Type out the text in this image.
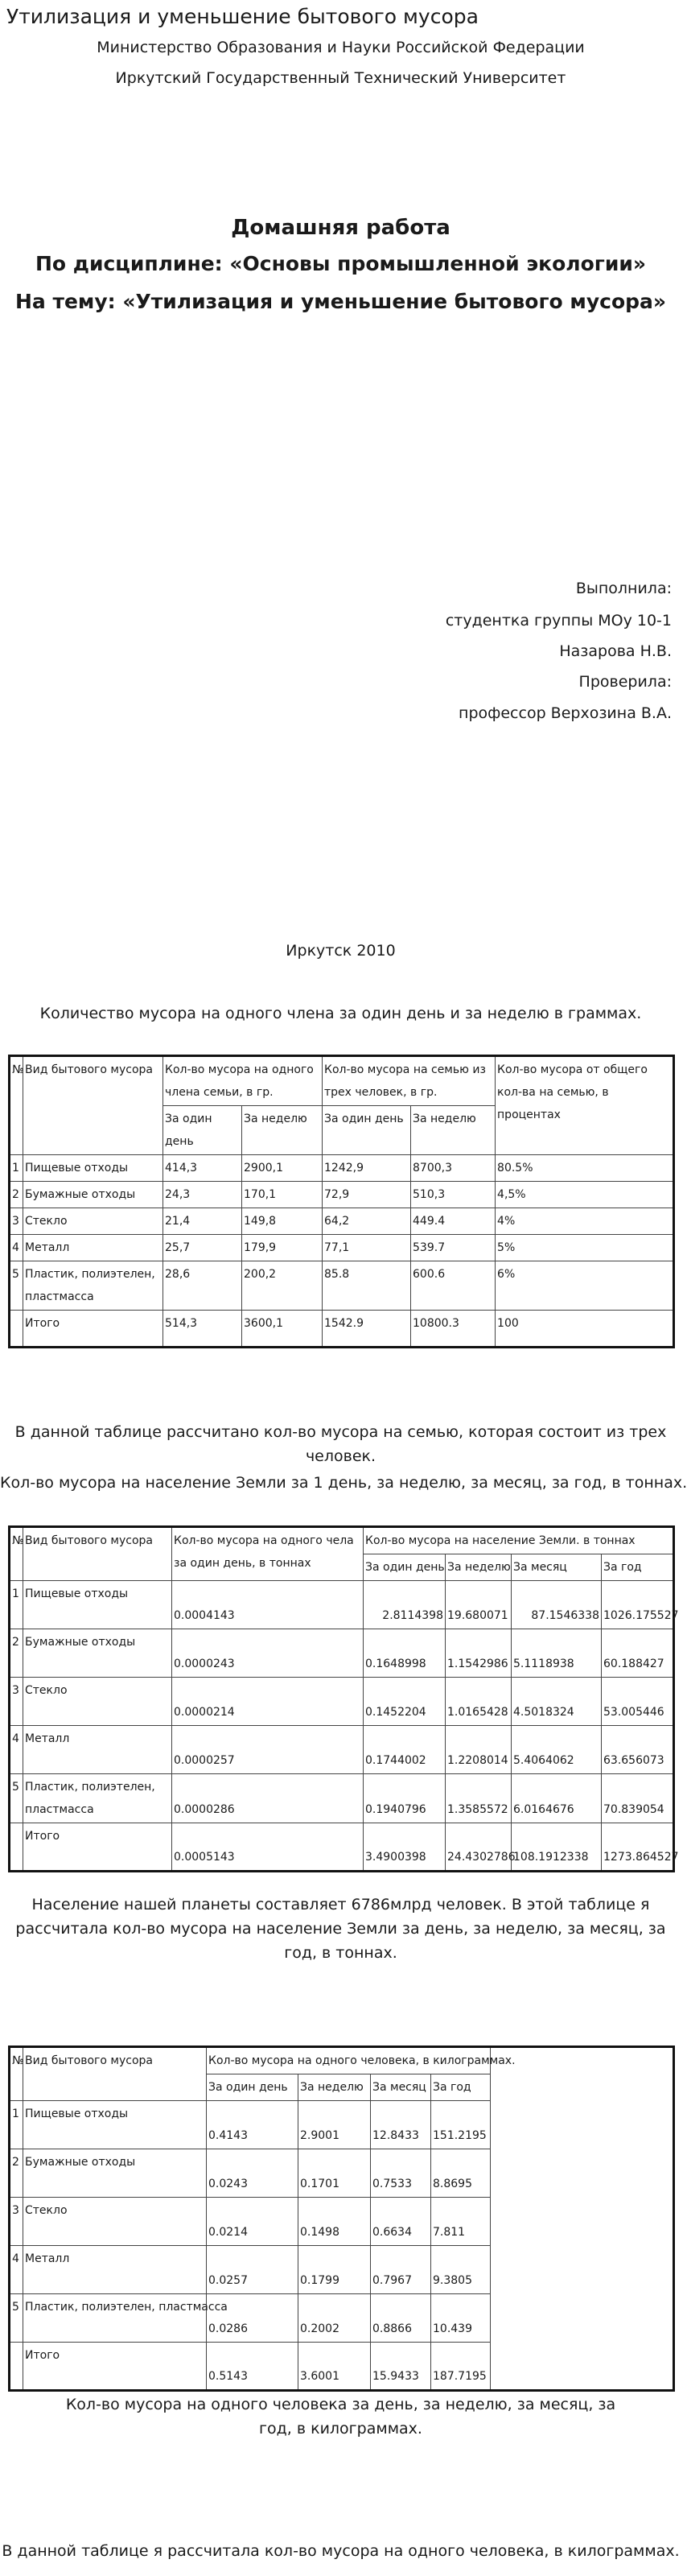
Утилизация и уменьшение бытового мусора
Министерство Образования и Науки Российской Федерации
Иркутский Государственный Технический Университет
Домашняя работа
По дисциплине: «Основы промышленной экологии»
На тему: «Утилизация и уменьшение бытового мусора»
Выполнила:
студентка группы МОу 10-1
Назарова Н.В.
Проверила:
профессор Верхозина В.А.
Иркутск 2010
Количество мусора на одного члена за один день и за неделю в граммах.
№	Вид бытового мусора	Кол-во мусора на одного члена семьи, в гр.		Кол-во мусора на семью из трех человек, в гр.		Кол-во мусора от общего кол-ва на семью, в процентах
		За один день	За неделю	За один день	За неделю	
1	Пищевые отходы	414,3	2900,1	1242,9	8700,3	80.5%
2	Бумажные отходы	24,3	170,1	72,9	510,3	4,5%
3	Стекло	21,4	149,8	64,2	449.4	4%
4	Металл	25,7	179,9	77,1	539.7	5%
5	Пластик, полиэтелен, пластмасса	28,6	200,2	85.8	600.6	6%
	Итого	514,3	3600,1	1542.9	10800.3	100
В данной таблице рассчитано кол-во мусора на семью, которая состоит из трех человек.
Кол-во мусора на население Земли за 1 день, за неделю, за месяц, за год, в тоннах.
№	Вид бытового мусора	Кол-во мусора на одного чела за один день, в тоннах	Кол-во мусора на население Земли. в тоннах			
			За один день	За неделю	За месяц	За год
1	Пищевые отходы	0.0004143	2.8114398	19.680071	87.1546338	1026.175527
2	Бумажные отходы	0.0000243	0.1648998	1.1542986	5.1118938	60.188427
3	Стекло	0.0000214	0.1452204	1.0165428	4.5018324	53.005446
4	Металл	0.0000257	0.1744002	1.2208014	5.4064062	63.656073
5	Пластик, полиэтелен, пластмасса	0.0000286	0.1940796	1.3585572	6.0164676	70.839054
	Итого	0.0005143	3.4900398	24.4302786	108.1912338	1273.864527
Население нашей планеты составляет 6786млрд человек. В этой таблице я рассчитала кол-во мусора на население Земли за день, за неделю, за месяц, за год, в тоннах.
№	Вид бытового мусора	Кол-во мусора на одного человека, в килограммах.				
		За один день	За неделю	За месяц	За год	
1	Пищевые отходы	0.4143	2.9001	12.8433	151.2195	
2	Бумажные отходы	0.0243	0.1701	0.7533	8.8695	
3	Стекло	0.0214	0.1498	0.6634	7.811	
4	Металл	0.0257	0.1799	0.7967	9.3805	
5	Пластик, полиэтелен, пластмасса	0.0286	0.2002	0.8866	10.439	
	Итого	0.5143	3.6001	15.9433	187.7195	
Кол-во мусора на одного человека за день, за неделю, за месяц, за год, в килограммах.
В данной таблице я рассчитала кол-во мусора на одного человека, в килограммах.
